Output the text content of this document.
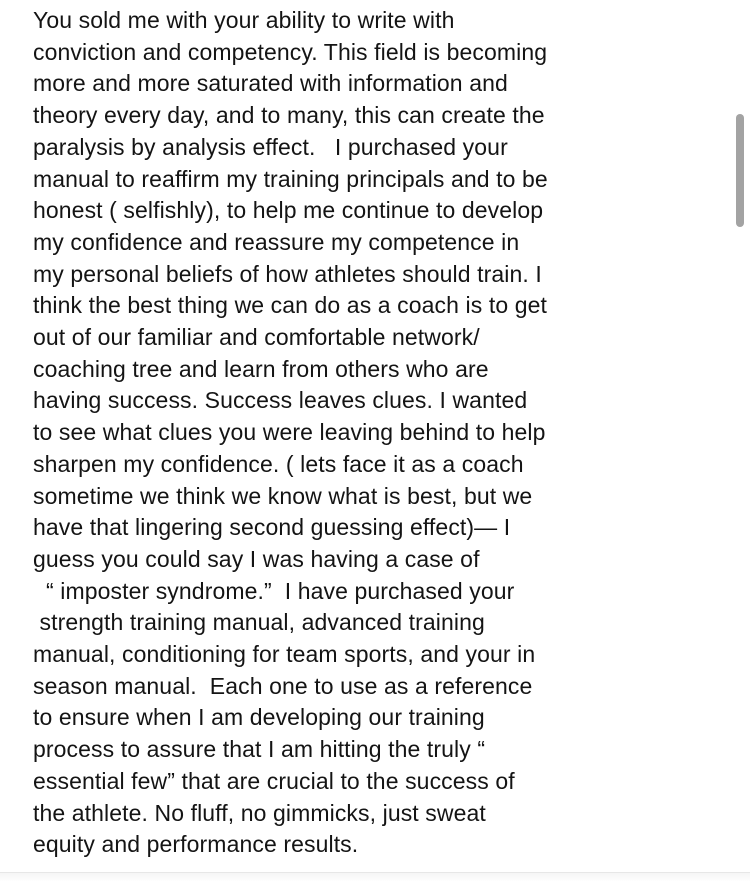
You sold me with your ability to write with
conviction and competency. This field is becoming
more and more saturated with information and
theory every day, and to many, this can create the
paralysis by analysis effect.   I purchased your
manual to reaffirm my training principals and to be
honest ( selfishly), to help me continue to develop
my confidence and reassure my competence in
my personal beliefs of how athletes should train. I
think the best thing we can do as a coach is to get
out of our familiar and comfortable network/
coaching tree and learn from others who are
having success. Success leaves clues. I wanted
to see what clues you were leaving behind to help
sharpen my confidence. ( lets face it as a coach
sometime we think we know what is best, but we
have that lingering second guessing effect)— I
guess you could say I was having a case of
“ imposter syndrome.”  I have purchased your
strength training manual, advanced training
manual, conditioning for team sports, and your in
season manual.  Each one to use as a reference
to ensure when I am developing our training
process to assure that I am hitting the truly “
essential few” that are crucial to the success of
the athlete. No fluff, no gimmicks, just sweat
equity and performance results.
